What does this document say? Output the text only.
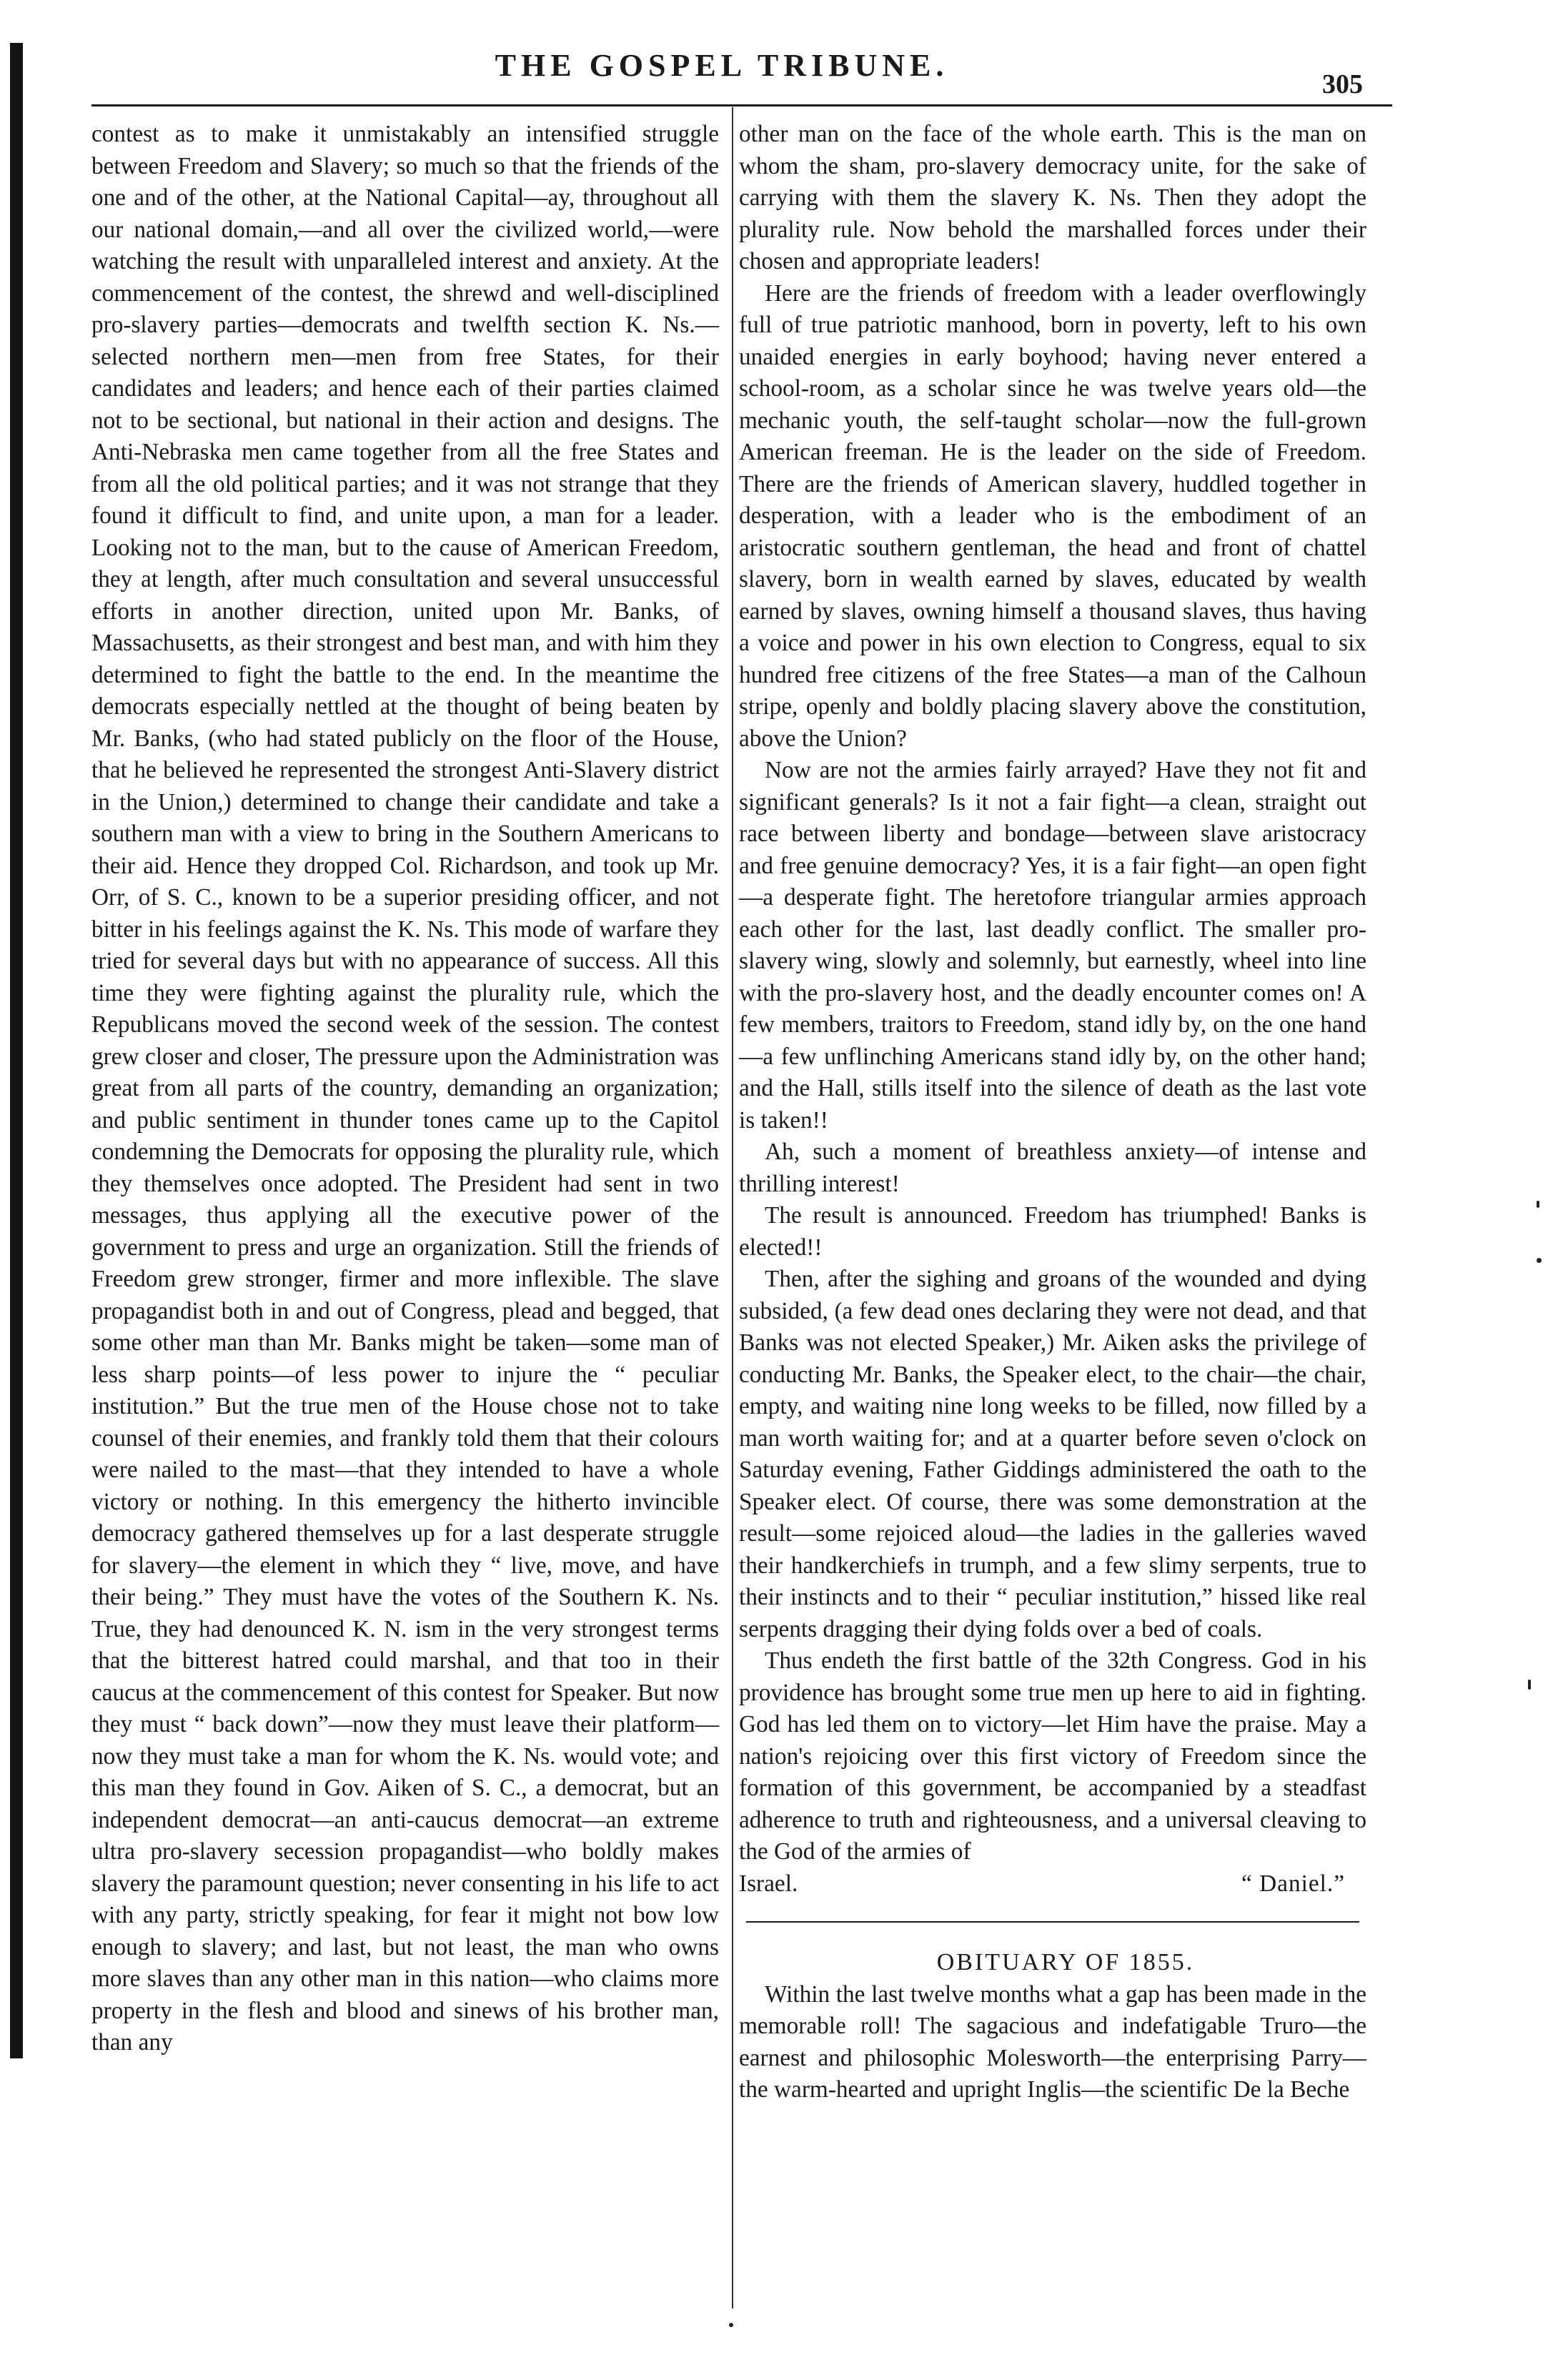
THE GOSPEL TRIBUNE.
305

contest as to make it unmistakably an intensified struggle between Freedom and Slavery; so much so that the friends of the one and of the other, at the National Capital—ay, throughout all our national domain,—and all over the civilized world,—were watching the result with unparalleled interest and anxiety. At the commencement of the contest, the shrewd and well-disciplined pro-slavery parties—democrats and twelfth section K. Ns.—selected northern men—men from free States, for their candidates and leaders; and hence each of their parties claimed not to be sectional, but national in their action and designs. The Anti-Nebraska men came together from all the free States and from all the old political parties; and it was not strange that they found it difficult to find, and unite upon, a man for a leader. Looking not to the man, but to the cause of American Freedom, they at length, after much consultation and several unsuccessful efforts in another direction, united upon Mr. Banks, of Massachusetts, as their strongest and best man, and with him they determined to fight the battle to the end. In the meantime the democrats especially nettled at the thought of being beaten by Mr. Banks, (who had stated publicly on the floor of the House, that he believed he represented the strongest Anti-Slavery district in the Union,) determined to change their candidate and take a southern man with a view to bring in the Southern Americans to their aid. Hence they dropped Col. Richardson, and took up Mr. Orr, of S. C., known to be a superior presiding officer, and not bitter in his feelings against the K. Ns. This mode of warfare they tried for several days but with no appearance of success. All this time they were fighting against the plurality rule, which the Republicans moved the second week of the session. The contest grew closer and closer, The pressure upon the Administration was great from all parts of the country, demanding an organization; and public sentiment in thunder tones came up to the Capitol condemning the Democrats for opposing the plurality rule, which they themselves once adopted. The President had sent in two messages, thus applying all the executive power of the government to press and urge an organization. Still the friends of Freedom grew stronger, firmer and more inflexible. The slave propagandist both in and out of Congress, plead and begged, that some other man than Mr. Banks might be taken—some man of less sharp points—of less power to injure the “ peculiar institution.” But the true men of the House chose not to take counsel of their enemies, and frankly told them that their colours were nailed to the mast—that they intended to have a whole victory or nothing. In this emergency the hitherto invincible democracy gathered themselves up for a last desperate struggle for slavery—the element in which they “ live, move, and have their being.” They must have the votes of the Southern K. Ns. True, they had denounced K. N. ism in the very strongest terms that the bitterest hatred could marshal, and that too in their caucus at the commencement of this contest for Speaker. But now they must “ back down”—now they must leave their platform—now they must take a man for whom the K. Ns. would vote; and this man they found in Gov. Aiken of S. C., a democrat, but an independent democrat—an anti-caucus democrat—an extreme ultra pro-slavery secession propagandist—who boldly makes slavery the paramount question; never consenting in his life to act with any party, strictly speaking, for fear it might not bow low enough to slavery; and last, but not least, the man who owns more slaves than any other man in this nation—who claims more property in the flesh and blood and sinews of his brother man, than any

other man on the face of the whole earth. This is the man on whom the sham, pro-slavery democracy unite, for the sake of carrying with them the slavery K. Ns. Then they adopt the plurality rule. Now behold the marshalled forces under their chosen and appropriate leaders!

Here are the friends of freedom with a leader overflowingly full of true patriotic manhood, born in poverty, left to his own unaided energies in early boyhood; having never entered a school-room, as a scholar since he was twelve years old—the mechanic youth, the self-taught scholar—now the full-grown American freeman. He is the leader on the side of Freedom. There are the friends of American slavery, huddled together in desperation, with a leader who is the embodiment of an aristocratic southern gentleman, the head and front of chattel slavery, born in wealth earned by slaves, educated by wealth earned by slaves, owning himself a thousand slaves, thus having a voice and power in his own election to Congress, equal to six hundred free citizens of the free States—a man of the Calhoun stripe, openly and boldly placing slavery above the constitution, above the Union?

Now are not the armies fairly arrayed? Have they not fit and significant generals? Is it not a fair fight—a clean, straight out race between liberty and bondage—between slave aristocracy and free genuine democracy? Yes, it is a fair fight—an open fight—a desperate fight. The heretofore triangular armies approach each other for the last, last deadly conflict. The smaller pro-slavery wing, slowly and solemnly, but earnestly, wheel into line with the pro-slavery host, and the deadly encounter comes on! A few members, traitors to Freedom, stand idly by, on the one hand—a few unflinching Americans stand idly by, on the other hand; and the Hall, stills itself into the silence of death as the last vote is taken!!

Ah, such a moment of breathless anxiety—of intense and thrilling interest!

The result is announced. Freedom has triumphed! Banks is elected!!

Then, after the sighing and groans of the wounded and dying subsided, (a few dead ones declaring they were not dead, and that Banks was not elected Speaker,) Mr. Aiken asks the privilege of conducting Mr. Banks, the Speaker elect, to the chair—the chair, empty, and waiting nine long weeks to be filled, now filled by a man worth waiting for; and at a quarter before seven o'clock on Saturday evening, Father Giddings administered the oath to the Speaker elect. Of course, there was some demonstration at the result—some rejoiced aloud—the ladies in the galleries waved their handkerchiefs in trumph, and a few slimy serpents, true to their instincts and to their “ peculiar institution,” hissed like real serpents dragging their dying folds over a bed of coals.

Thus endeth the first battle of the 32th Congress. God in his providence has brought some true men up here to aid in fighting. God has led them on to victory—let Him have the praise. May a nation's rejoicing over this first victory of Freedom since the formation of this government, be accompanied by a steadfast adherence to truth and righteousness, and a universal cleaving to the God of the armies of

Israel.	“ Daniel.”

OBITUARY OF 1855.

Within the last twelve months what a gap has been made in the memorable roll! The sagacious and indefatigable Truro—the earnest and philosophic Molesworth—the enterprising Parry—the warm-hearted and upright Inglis—the scientific De la Beche
